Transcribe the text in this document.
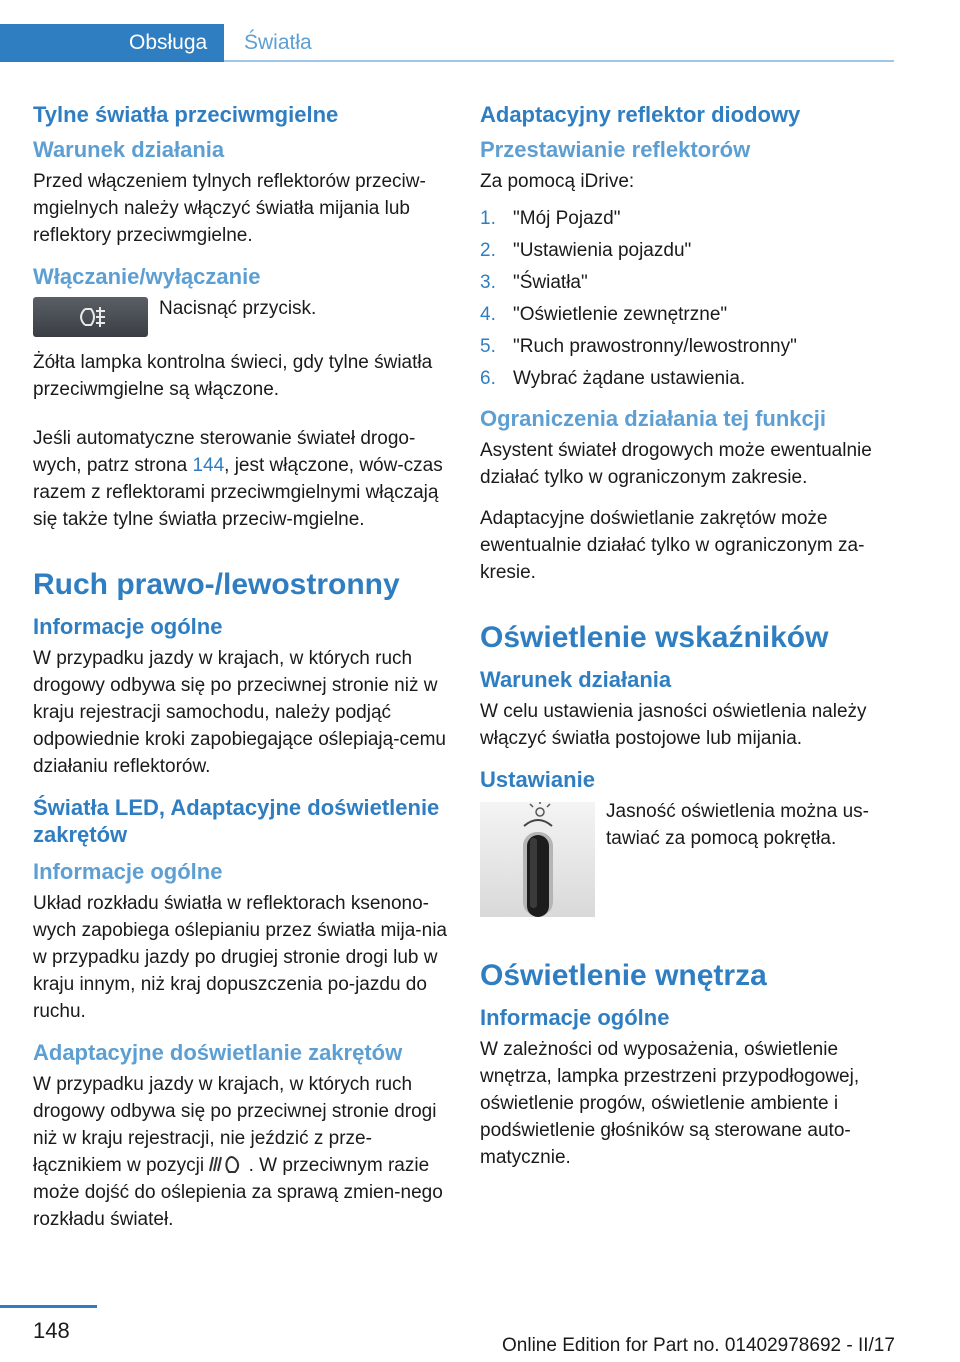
Obsługa Światła
Tylne światła przeciwmgielne
Warunek działania

Przed włączeniem tylnych reflektorów przeciw‐mgielnych należy włączyć światła mijania lub reflektory przeciwmgielne.

Włączanie/wyłączanie

Nacisnąć przycisk.

Żółta lampka kontrolna świeci, gdy tylne światła przeciwmgielne są włączone.

Jeśli automatyczne sterowanie świateł drogo‐wych, patrz strona 144, jest włączone, wów‐czas razem z reflektorami przeciwmgielnymi włączają się także tylne światła przeciw‐mgielne.

Ruch prawo-/lewostronny
Informacje ogólne

W przypadku jazdy w krajach, w których ruch drogowy odbywa się po przeciwnej stronie niż w kraju rejestracji samochodu, należy podjąć odpowiednie kroki zapobiegające oślepiają‐cemu działaniu reflektorów.

Światła LED, Adaptacyjne doświetlenie zakrętów
Informacje ogólne

Układ rozkładu światła w reflektorach ksenono‐wych zapobiega oślepianiu przez światła mija‐nia w przypadku jazdy po drugiej stronie drogi lub w kraju innym, niż kraj dopuszczenia po‐jazdu do ruchu.

Adaptacyjne doświetlanie zakrętów

W przypadku jazdy w krajach, w których ruch drogowy odbywa się po przeciwnej stronie drogi niż w kraju rejestracji, nie jeździć z prze‐łącznikiem w pozycji  . W przeciwnym razie może dojść do oślepienia za sprawą zmien‐nego rozkładu świateł.

Adaptacyjny reflektor diodowy
Przestawianie reflektorów

Za pomocą iDrive:

1. "Mój Pojazd"
2. "Ustawienia pojazdu"
3. "Światła"
4. "Oświetlenie zewnętrzne"
5. "Ruch prawostronny/lewostronny"
6. Wybrać żądane ustawienia.
Ograniczenia działania tej funkcji

Asystent świateł drogowych może ewentualnie działać tylko w ograniczonym zakresie.

Adaptacyjne doświetlanie zakrętów może ewentualnie działać tylko w ograniczonym za‐kresie.

Oświetlenie wskaźników
Warunek działania

W celu ustawienia jasności oświetlenia należy włączyć światła postojowe lub mijania.

Ustawianie

Jasność oświetlenia można us‐tawiać za pomocą pokrętła.

Oświetlenie wnętrza
Informacje ogólne

W zależności od wyposażenia, oświetlenie wnętrza, lampka przestrzeni przypodłogowej, oświetlenie progów, oświetlenie ambiente i podświetlenie głośników są sterowane auto‐matycznie.

148
Online Edition for Part no. 01402978692 - II/17
